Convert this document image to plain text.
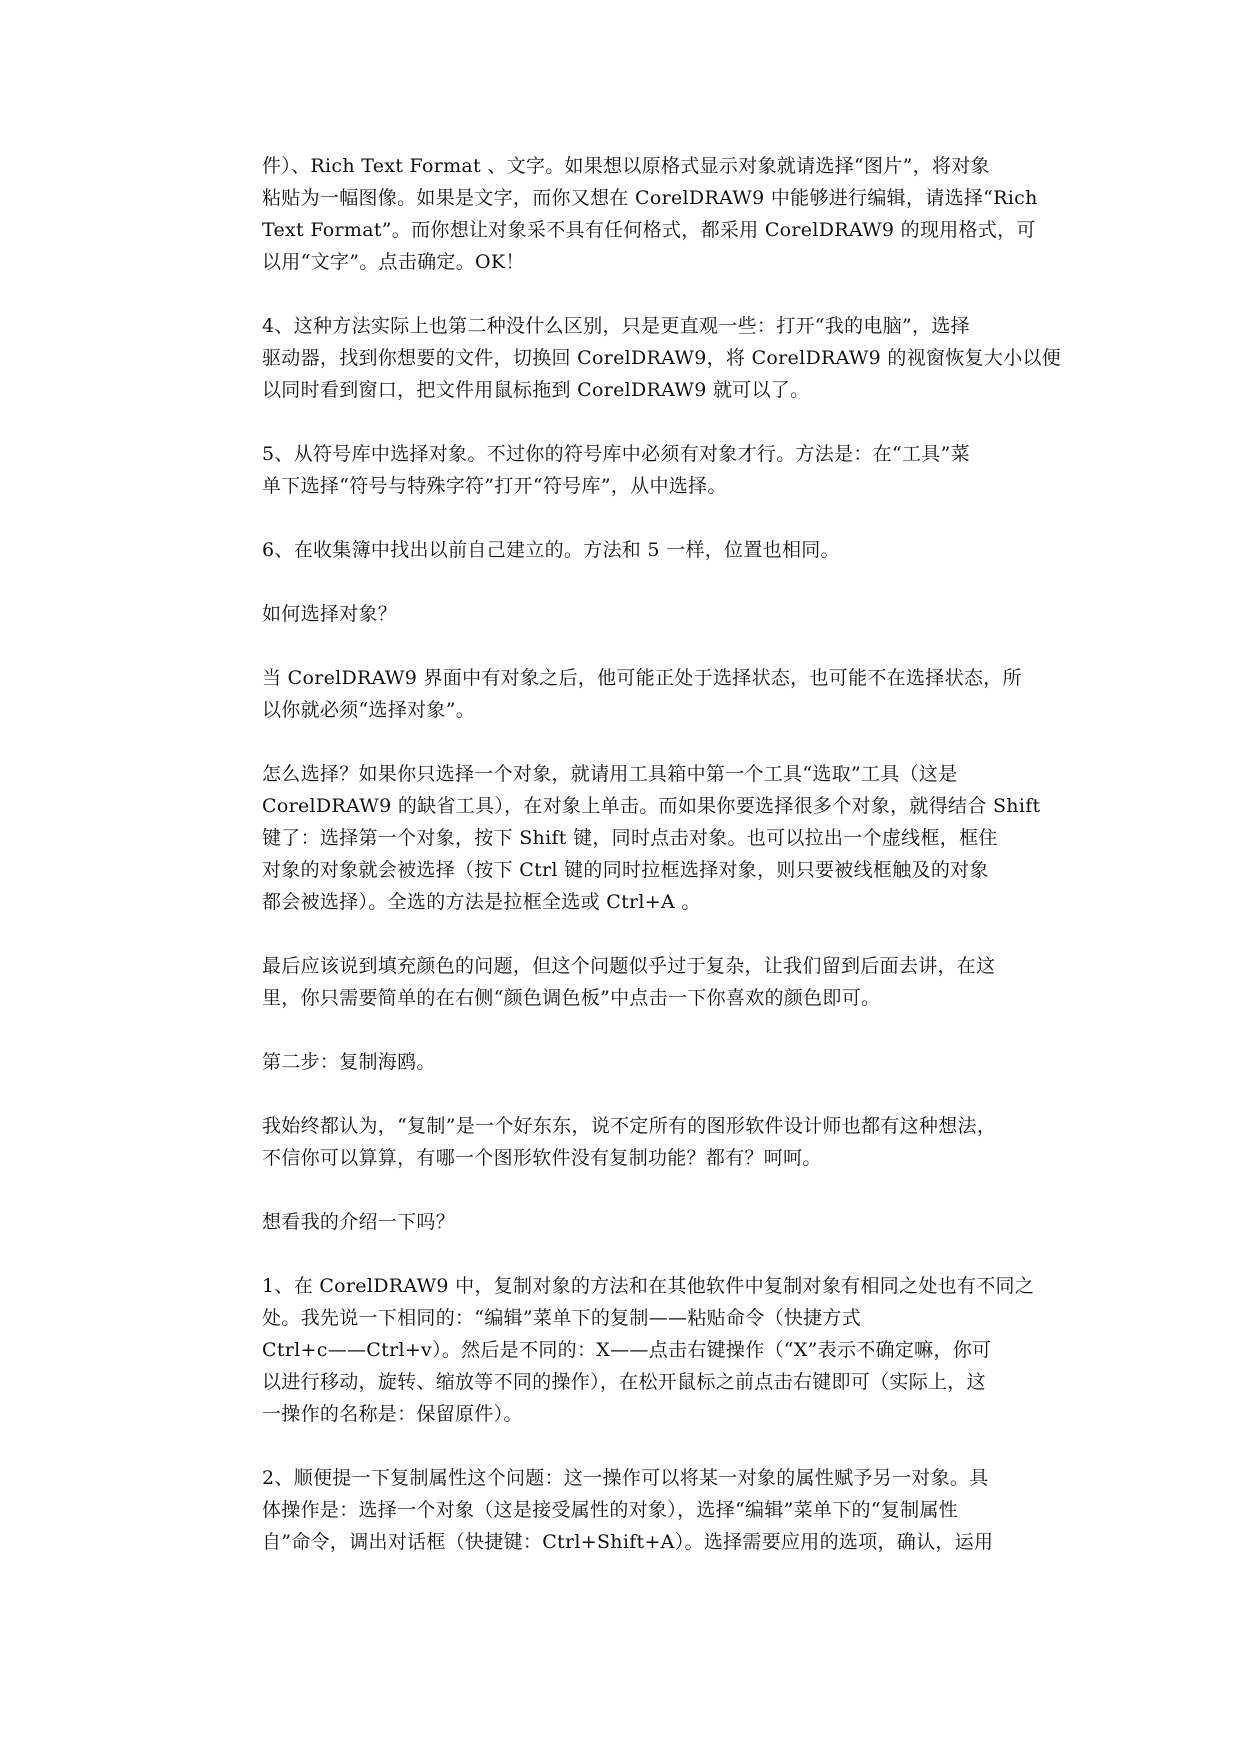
件）、Rich Text Format 、文字。如果想以原格式显示对象就请选择“图片”，将对象
粘贴为一幅图像。如果是文字，而你又想在 CorelDRAW9 中能够进行编辑，请选择“Rich
Text Format”。而你想让对象采不具有任何格式，都采用 CorelDRAW9 的现用格式，可
以用“文字”。点击确定。OK！
4、这种方法实际上也第二种没什么区别，只是更直观一些：打开“我的电脑”，选择
驱动器，找到你想要的文件，切换回 CorelDRAW9，将 CorelDRAW9 的视窗恢复大小以便
以同时看到窗口，把文件用鼠标拖到 CorelDRAW9 就可以了。
5、从符号库中选择对象。不过你的符号库中必须有对象才行。方法是：在“工具”菜
单下选择“符号与特殊字符”打开“符号库”，从中选择。
6、在收集簿中找出以前自己建立的。方法和 5 一样，位置也相同。
如何选择对象？
当 CorelDRAW9 界面中有对象之后，他可能正处于选择状态，也可能不在选择状态，所
以你就必须“选择对象”。
怎么选择？如果你只选择一个对象，就请用工具箱中第一个工具“选取”工具（这是
CorelDRAW9 的缺省工具），在对象上单击。而如果你要选择很多个对象，就得结合 Shift
键了：选择第一个对象，按下 Shift 键，同时点击对象。也可以拉出一个虚线框，框住
对象的对象就会被选择（按下 Ctrl 键的同时拉框选择对象，则只要被线框触及的对象
都会被选择）。全选的方法是拉框全选或 Ctrl+A 。
最后应该说到填充颜色的问题，但这个问题似乎过于复杂，让我们留到后面去讲，在这
里，你只需要简单的在右侧“颜色调色板”中点击一下你喜欢的颜色即可。
第二步：复制海鸥。
我始终都认为，“复制”是一个好东东，说不定所有的图形软件设计师也都有这种想法，
不信你可以算算，有哪一个图形软件没有复制功能？都有？呵呵。
想看我的介绍一下吗？
1、在 CorelDRAW9 中，复制对象的方法和在其他软件中复制对象有相同之处也有不同之
处。我先说一下相同的：“编辑”菜单下的复制——粘贴命令（快捷方式
Ctrl+c——Ctrl+v）。然后是不同的：X——点击右键操作（“X”表示不确定嘛，你可
以进行移动，旋转、缩放等不同的操作），在松开鼠标之前点击右键即可（实际上，这
一操作的名称是：保留原件）。
2、顺便提一下复制属性这个问题：这一操作可以将某一对象的属性赋予另一对象。具
体操作是：选择一个对象（这是接受属性的对象），选择“编辑”菜单下的“复制属性
自”命令，调出对话框（快捷键：Ctrl+Shift+A）。选择需要应用的选项，确认，运用
